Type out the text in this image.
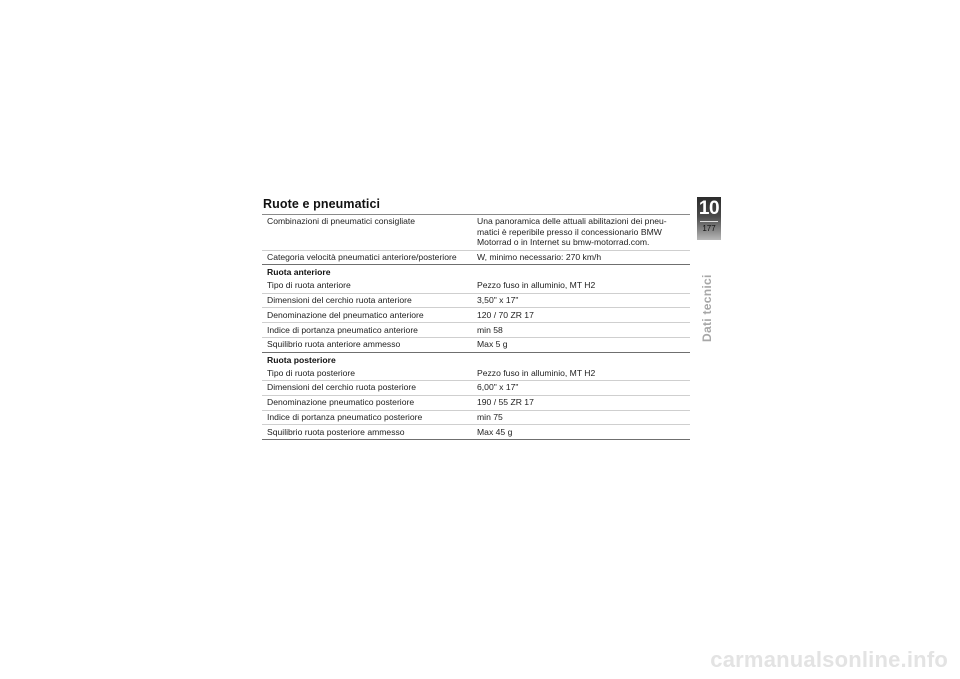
Ruote e pneumatici
Combinazioni di pneumatici consigliate	Una panoramica delle attuali abilitazioni dei pneu-
matici è reperibile presso il concessionario BMW
Motorrad o in Internet su bmw-motorrad.com.
Categoria velocità pneumatici anteriore/posteriore	W, minimo necessario: 270 km/h
Ruota anteriore	
Tipo di ruota anteriore	Pezzo fuso in alluminio, MT H2
Dimensioni del cerchio ruota anteriore	3,50" x 17"
Denominazione del pneumatico anteriore	120 / 70 ZR 17
Indice di portanza pneumatico anteriore	min 58
Squilibrio ruota anteriore ammesso	Max 5 g
Ruota posteriore	
Tipo di ruota posteriore	Pezzo fuso in alluminio, MT H2
Dimensioni del cerchio ruota posteriore	6,00" x 17"
Denominazione pneumatico posteriore	190 / 55 ZR 17
Indice di portanza pneumatico posteriore	min 75
Squilibrio ruota posteriore ammesso	Max 45 g
10
177
Dati tecnici
carmanualsonline.info
